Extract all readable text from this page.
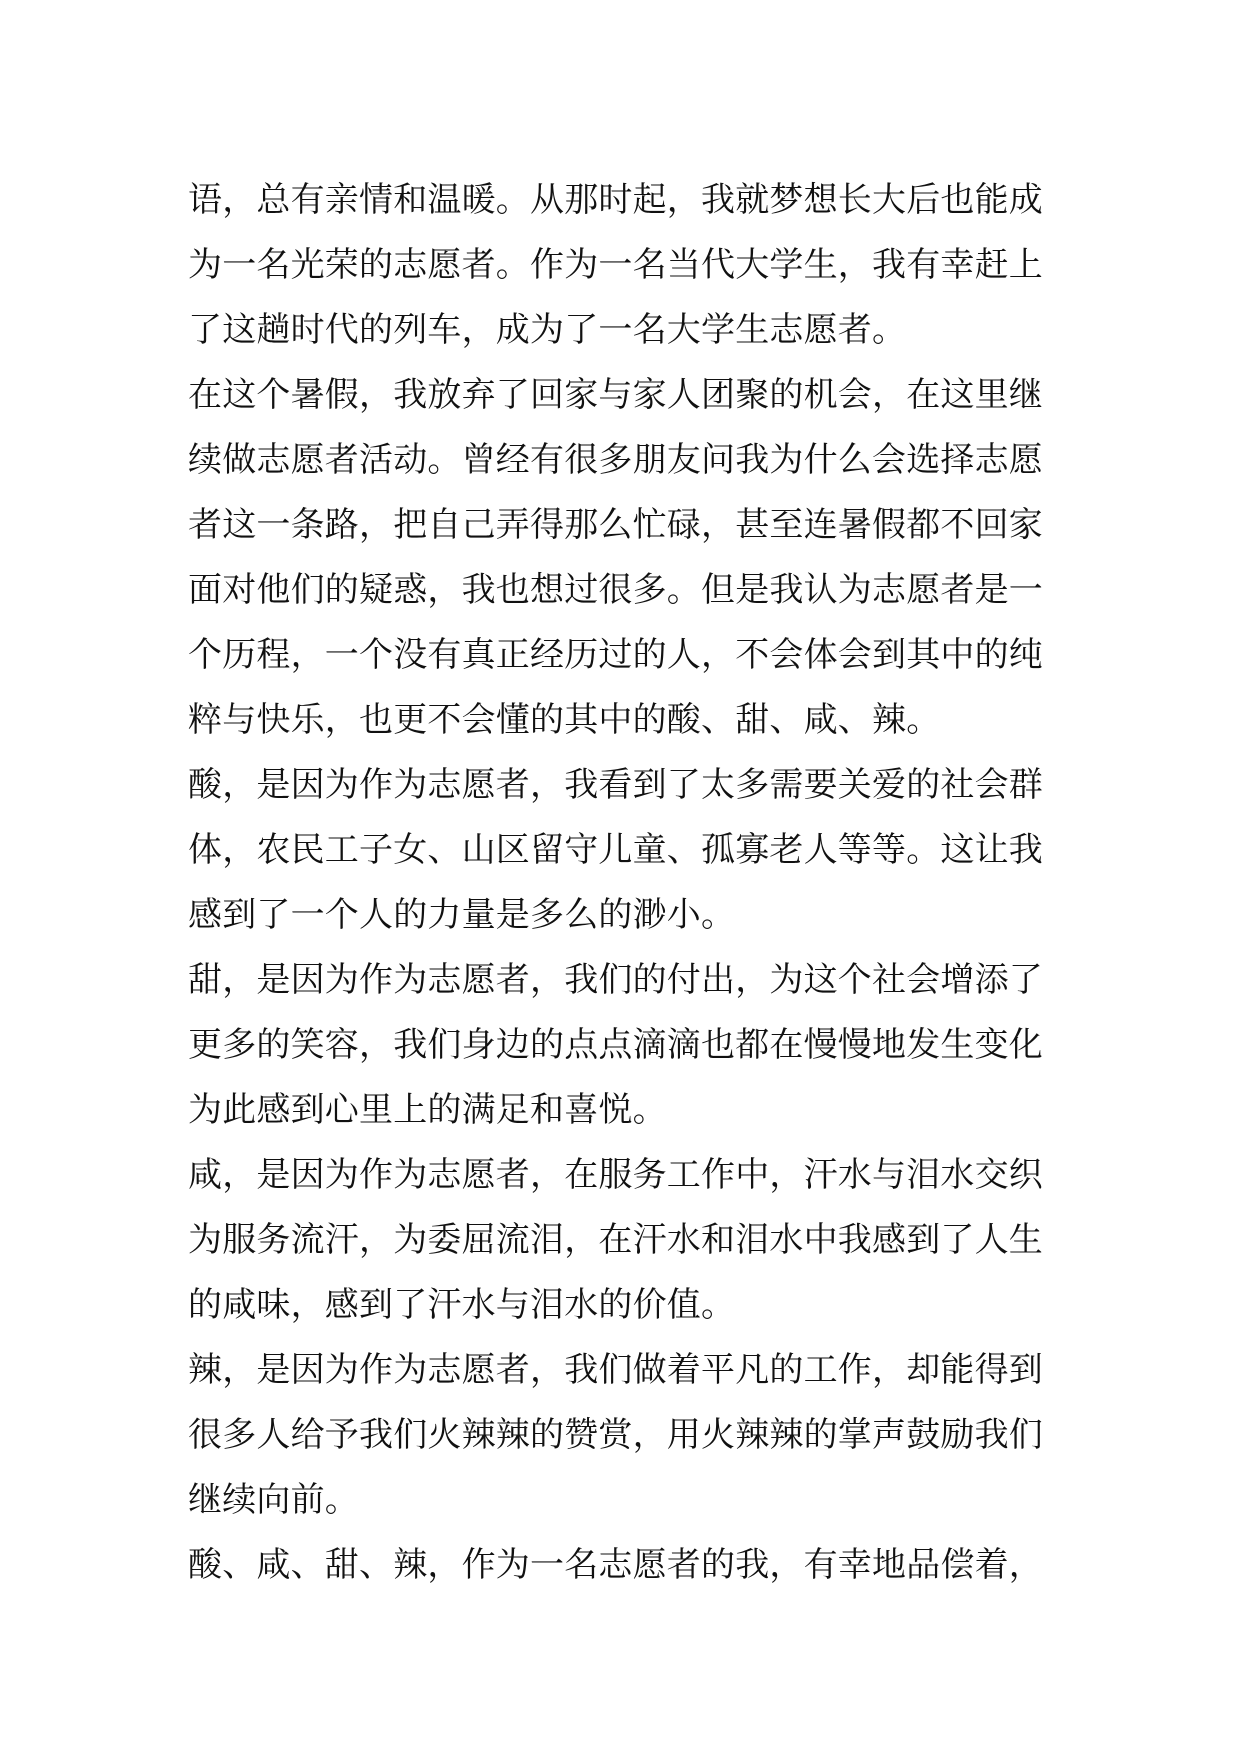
语，总有亲情和温暖。从那时起，我就梦想长大后也能成
为一名光荣的志愿者。作为一名当代大学生，我有幸赶上
了这趟时代的列车，成为了一名大学生志愿者。
在这个暑假，我放弃了回家与家人团聚的机会，在这里继
续做志愿者活动。曾经有很多朋友问我为什么会选择志愿
者这一条路，把自己弄得那么忙碌，甚至连暑假都不回家
面对他们的疑惑，我也想过很多。但是我认为志愿者是一
个历程，一个没有真正经历过的人，不会体会到其中的纯
粹与快乐，也更不会懂的其中的酸、甜、咸、辣。
酸，是因为作为志愿者，我看到了太多需要关爱的社会群
体，农民工子女、山区留守儿童、孤寡老人等等。这让我
感到了一个人的力量是多么的渺小。
甜，是因为作为志愿者，我们的付出，为这个社会增添了
更多的笑容，我们身边的点点滴滴也都在慢慢地发生变化
为此感到心里上的满足和喜悦。
咸，是因为作为志愿者，在服务工作中，汗水与泪水交织
为服务流汗，为委屈流泪，在汗水和泪水中我感到了人生
的咸味，感到了汗水与泪水的价值。
辣，是因为作为志愿者，我们做着平凡的工作，却能得到
很多人给予我们火辣辣的赞赏，用火辣辣的掌声鼓励我们
继续向前。
酸、咸、甜、辣，作为一名志愿者的我，有幸地品偿着，
